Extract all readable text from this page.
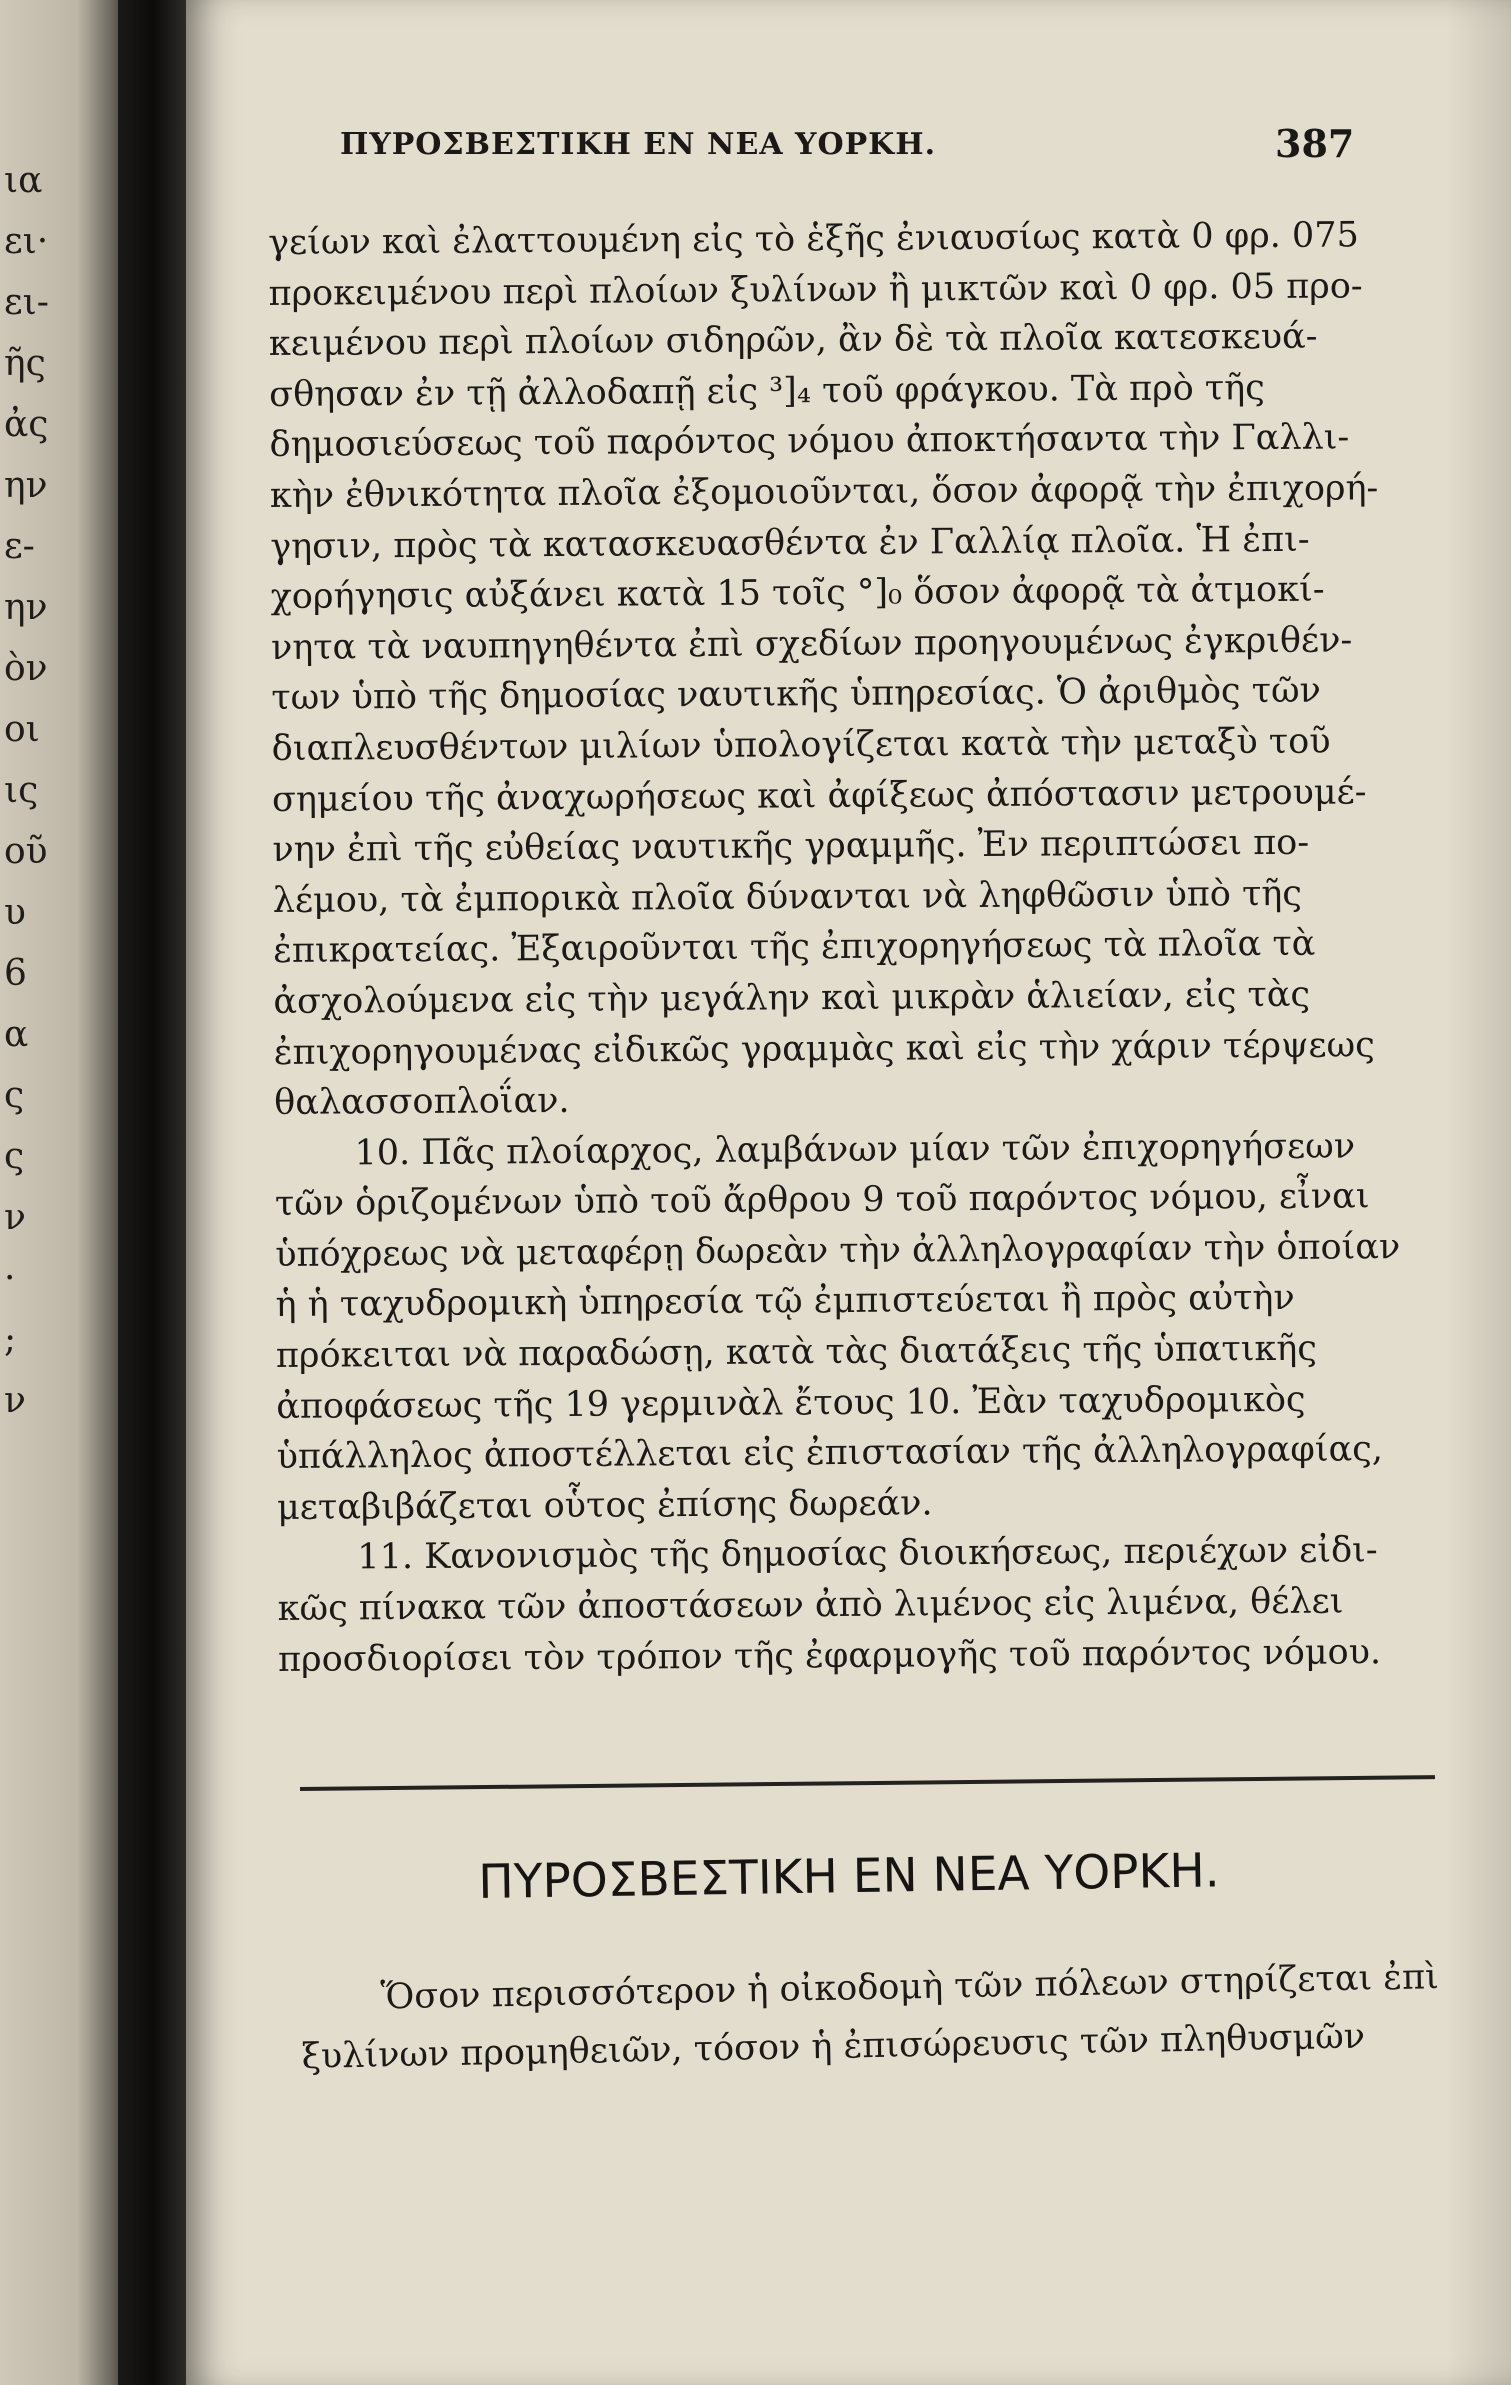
ια
ει·
ει-
ῆς
ἀς
ην
ε-
ην
ὸν
οι
ις
οῦ
υ
6
α
ς
ς
ν
·
;
ν
ΠΥΡΟΣΒΕΣΤΙΚΗ ΕΝ ΝΕΑ ΥΟΡΚΗ.	387
γείων καὶ ἐλαττουμένη εἰς τὸ ἑξῆς ἐνιαυσίως κατὰ 0 φρ. 075
προκειμένου περὶ πλοίων ξυλίνων ἢ μικτῶν καὶ 0 φρ. 05 προ-
κειμένου περὶ πλοίων σιδηρῶν, ἂν δὲ τὰ πλοῖα κατεσκευά-
σθησαν ἐν τῇ ἀλλοδαπῇ εἰς ³]₄ τοῦ φράγκου. Τὰ πρὸ τῆς
δημοσιεύσεως τοῦ παρόντος νόμου ἀποκτήσαντα τὴν Γαλλι-
κὴν ἐθνικότητα πλοῖα ἐξομοιοῦνται, ὅσον ἀφορᾷ τὴν ἐπιχορή-
γησιν, πρὸς τὰ κατασκευασθέντα ἐν Γαλλίᾳ πλοῖα. Ἡ ἐπι-
χορήγησις αὐξάνει κατὰ 15 τοῖς °]₀ ὅσον ἀφορᾷ τὰ ἀτμοκί-
νητα τὰ ναυπηγηθέντα ἐπὶ σχεδίων προηγουμένως ἐγκριθέν-
των ὑπὸ τῆς δημοσίας ναυτικῆς ὑπηρεσίας. Ὁ ἀριθμὸς τῶν
διαπλευσθέντων μιλίων ὑπολογίζεται κατὰ τὴν μεταξὺ τοῦ
σημείου τῆς ἀναχωρήσεως καὶ ἀφίξεως ἀπόστασιν μετρουμέ-
νην ἐπὶ τῆς εὐθείας ναυτικῆς γραμμῆς. Ἐν περιπτώσει πο-
λέμου, τὰ ἐμπορικὰ πλοῖα δύνανται νὰ ληφθῶσιν ὑπὸ τῆς
ἐπικρατείας. Ἐξαιροῦνται τῆς ἐπιχορηγήσεως τὰ πλοῖα τὰ
ἀσχολούμενα εἰς τὴν μεγάλην καὶ μικρὰν ἁλιείαν, εἰς τὰς
ἐπιχορηγουμένας εἰδικῶς γραμμὰς καὶ εἰς τὴν χάριν τέρψεως
θαλασσοπλοΐαν.
10. Πᾶς πλοίαρχος, λαμβάνων μίαν τῶν ἐπιχορηγήσεων
τῶν ὁριζομένων ὑπὸ τοῦ ἄρθρου 9 τοῦ παρόντος νόμου, εἶναι
ὑπόχρεως νὰ μεταφέρῃ δωρεὰν τὴν ἀλληλογραφίαν τὴν ὁποίαν
ἡ ἡ ταχυδρομικὴ ὑπηρεσία τῷ ἐμπιστεύεται ἢ πρὸς αὐτὴν
πρόκειται νὰ παραδώσῃ, κατὰ τὰς διατάξεις τῆς ὑπατικῆς
ἀποφάσεως τῆς 19 γερμινὰλ ἔτους 10. Ἐὰν ταχυδρομικὸς
ὑπάλληλος ἀποστέλλεται εἰς ἐπιστασίαν τῆς ἀλληλογραφίας,
μεταβιβάζεται οὗτος ἐπίσης δωρεάν.
11. Κανονισμὸς τῆς δημοσίας διοικήσεως, περιέχων εἰδι-
κῶς πίνακα τῶν ἀποστάσεων ἀπὸ λιμένος εἰς λιμένα, θέλει
προσδιορίσει τὸν τρόπον τῆς ἐφαρμογῆς τοῦ παρόντος νόμου.
ΠΥΡΟΣΒΕΣΤΙΚΗ ΕΝ ΝΕΑ ΥΟΡΚΗ.
Ὅσον περισσότερον ἡ οἰκοδομὴ τῶν πόλεων στηρίζεται ἐπὶ
ξυλίνων προμηθειῶν, τόσον ἡ ἐπισώρευσις τῶν πληθυσμῶν
